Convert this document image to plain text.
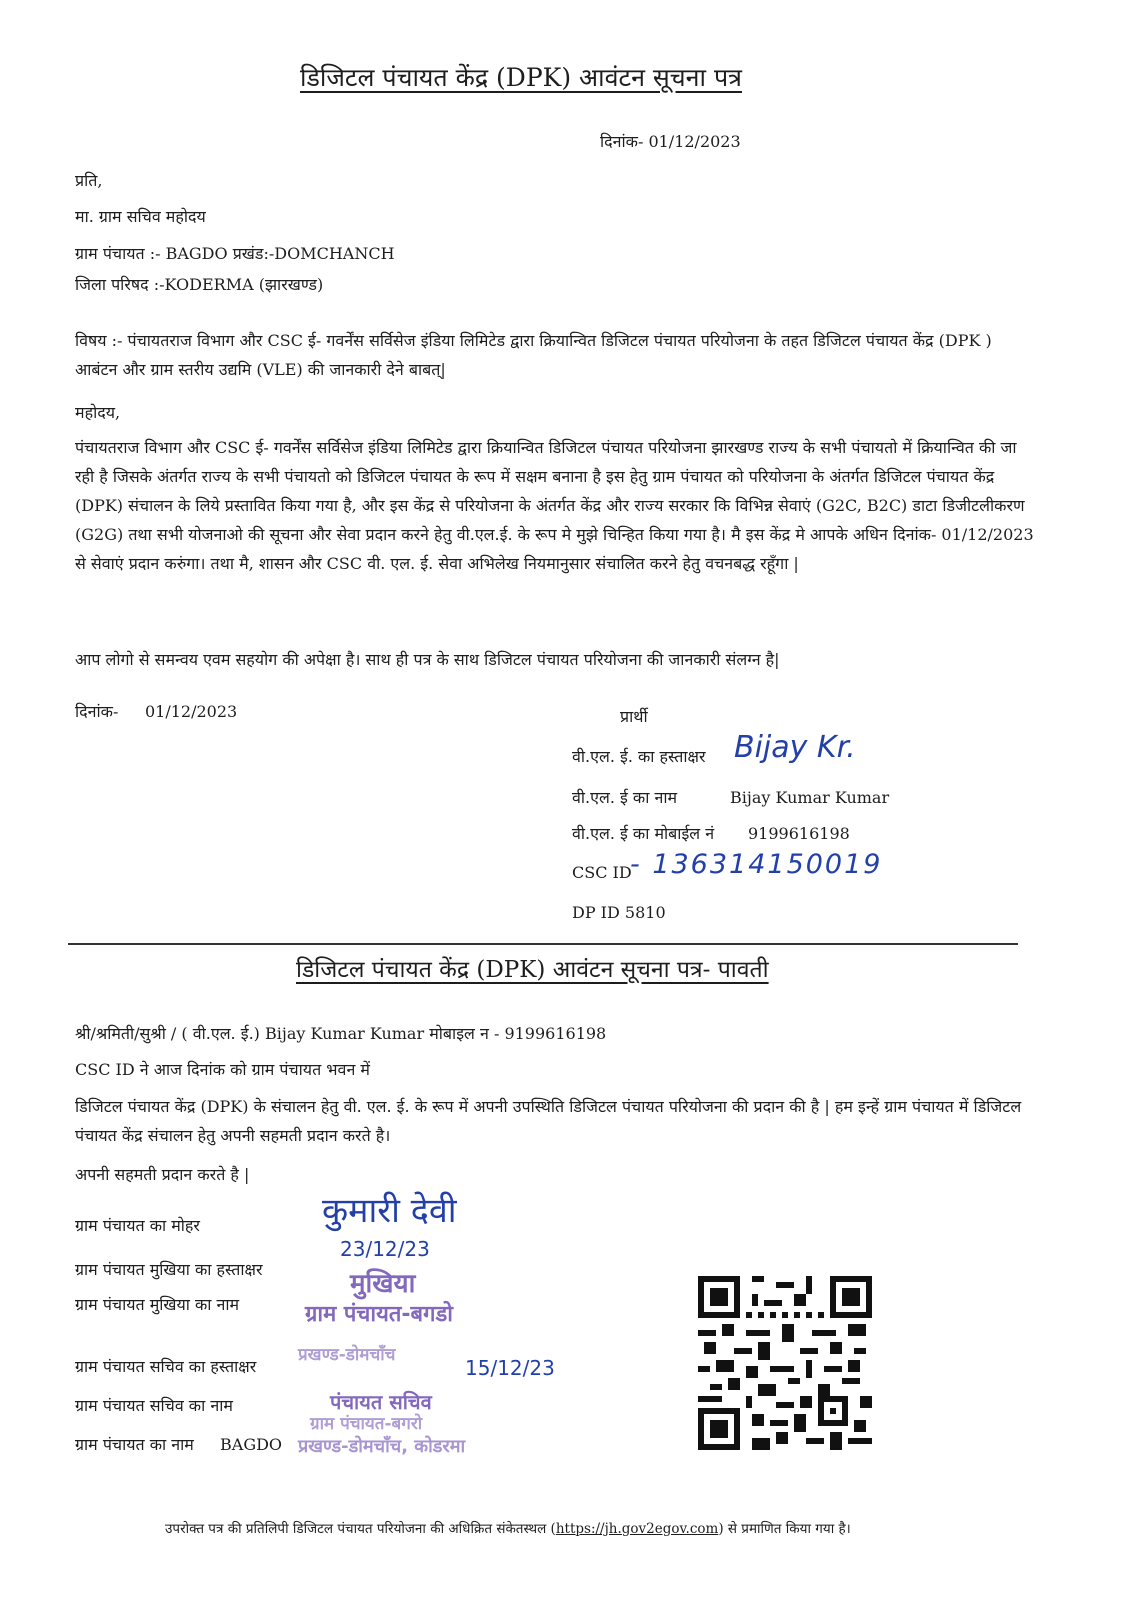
डिजिटल पंचायत केंद्र (DPK) आवंटन सूचना पत्र
दिनांक- 01/12/2023
प्रति,
मा. ग्राम सचिव महोदय
ग्राम पंचायत :- BAGDO प्रखंड:-DOMCHANCH
जिला परिषद :-KODERMA (झारखण्ड)
विषय :- पंचायतराज विभाग और CSC ई- गवर्नेंस सर्विसेज इंडिया लिमिटेड द्वारा क्रियान्वित डिजिटल पंचायत परियोजना के तहत डिजिटल पंचायत केंद्र (DPK ) आबंटन और ग्राम स्तरीय उद्यमि (VLE) की जानकारी देने बाबत्|
महोदय,
पंचायतराज विभाग और CSC ई- गवर्नेंस सर्विसेज इंडिया लिमिटेड द्वारा क्रियान्वित डिजिटल पंचायत परियोजना झारखण्ड राज्य के सभी पंचायतो में क्रियान्वित की जा रही है जिसके अंतर्गत राज्य के सभी पंचायतो को डिजिटल पंचायत के रूप में सक्षम बनाना है इस हेतु ग्राम पंचायत को परियोजना के अंतर्गत डिजिटल पंचायत केंद्र (DPK) संचालन के लिये प्रस्तावित किया गया है, और इस केंद्र से परियोजना के अंतर्गत केंद्र और राज्य सरकार कि विभिन्न सेवाएं (G2C, B2C) डाटा डिजीटलीकरण (G2G) तथा सभी योजनाओ की सूचना और सेवा प्रदान करने हेतु वी.एल.ई. के रूप मे मुझे चिन्हित किया गया है। मै इस केंद्र मे आपके अधिन दिनांक- 01/12/2023 से सेवाएं प्रदान करुंगा। तथा मै, शासन और CSC वी. एल. ई. सेवा अभिलेख नियमानुसार संचालित करने हेतु वचनबद्ध रहूँगा |
आप लोगो से समन्वय एवम सहयोग की अपेक्षा है। साथ ही पत्र के साथ डिजिटल पंचायत परियोजना की जानकारी संलग्न है|
दिनांक- 01/12/2023	प्रार्थी
वी.एल. ई. का हस्ताक्षर Bijay Kr.
वी.एल. ई का नाम	Bijay Kumar Kumar
वी.एल. ई का मोबाईल नं 9199616198
CSC ID
- 136314150019
DP ID 5810
डिजिटल पंचायत केंद्र (DPK) आवंटन सूचना पत्र- पावती
श्री/श्रमिती/सुश्री / ( वी.एल. ई.) Bijay Kumar Kumar मोबाइल न - 9199616198
CSC ID ने आज दिनांक को ग्राम पंचायत भवन में
डिजिटल पंचायत केंद्र (DPK) के संचालन हेतु वी. एल. ई. के रूप में अपनी उपस्थिति डिजिटल पंचायत परियोजना की प्रदान की है | हम इन्हें ग्राम पंचायत में डिजिटल पंचायत केंद्र संचालन हेतु अपनी सहमती प्रदान करते है।
अपनी सहमती प्रदान करते है |
ग्राम पंचायत का मोहर
ग्राम पंचायत मुखिया का हस्ताक्षर
ग्राम पंचायत मुखिया का नाम
ग्राम पंचायत सचिव का हस्ताक्षर
ग्राम पंचायत सचिव का नाम
ग्राम पंचायत का नाम BAGDO
कुमारी देवी
23/12/23
मुखिया
ग्राम पंचायत-बगडो
प्रखण्ड-डोमचाँच
15/12/23
पंचायत सचिव
ग्राम पंचायत-बगरो
प्रखण्ड-डोमचाँच, कोडरमा
उपरोक्त पत्र की प्रतिलिपी डिजिटल पंचायत परियोजना की अधिक्रित संकेतस्थल (https://jh.gov2egov.com) से प्रमाणित किया गया है।
